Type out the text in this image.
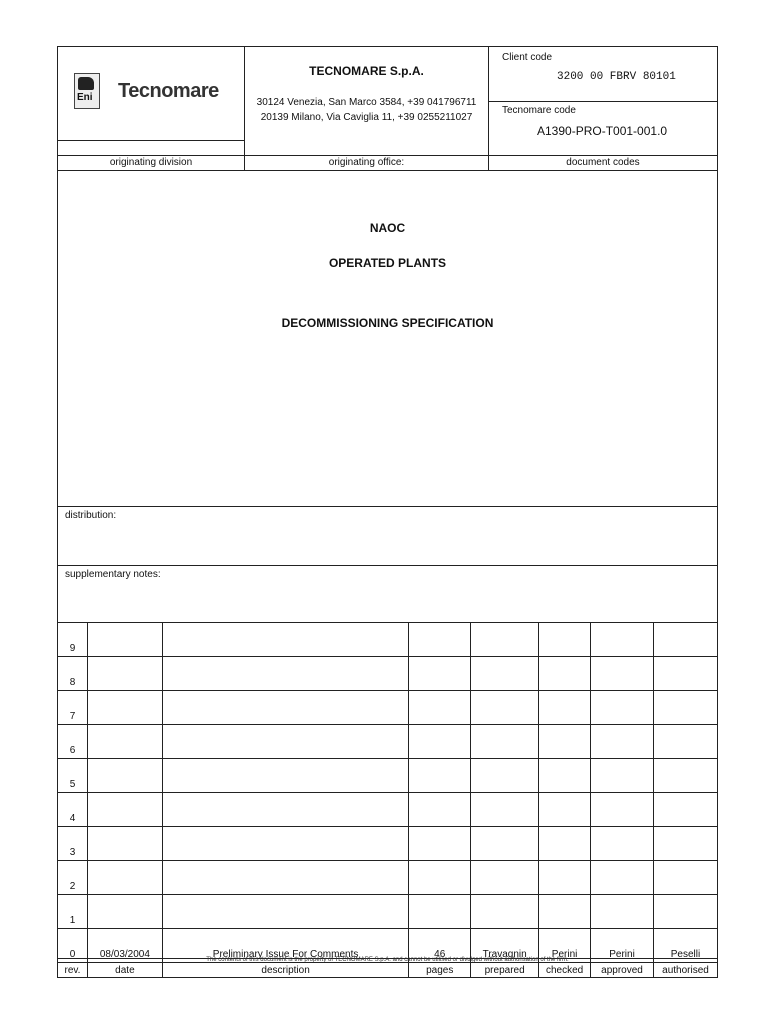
Eni Tecnomare
TECNOMARE S.p.A.
30124 Venezia, San Marco 3584, +39 041796711
20139 Milano, Via Caviglia 11, +39 0255211027
Client code
3200 00 FBRV 80101
Tecnomare code
A1390-PRO-T001-001.0
originating division	originating office:	document codes
NAOC
OPERATED PLANTS
DECOMMISSIONING SPECIFICATION
distribution:
supplementary notes:
9							
8							
7							
6							
5							
4							
3							
2							
1							
0	08/03/2004	Preliminary Issue For Comments	46	Travagnin	Perini	Perini	Peselli
rev.	date	description	pages	prepared	checked	approved	authorised
The contents of this document is the property of TECNOMARE S.p.A. and cannot be utilised or divulged without authorisation of the firm.
